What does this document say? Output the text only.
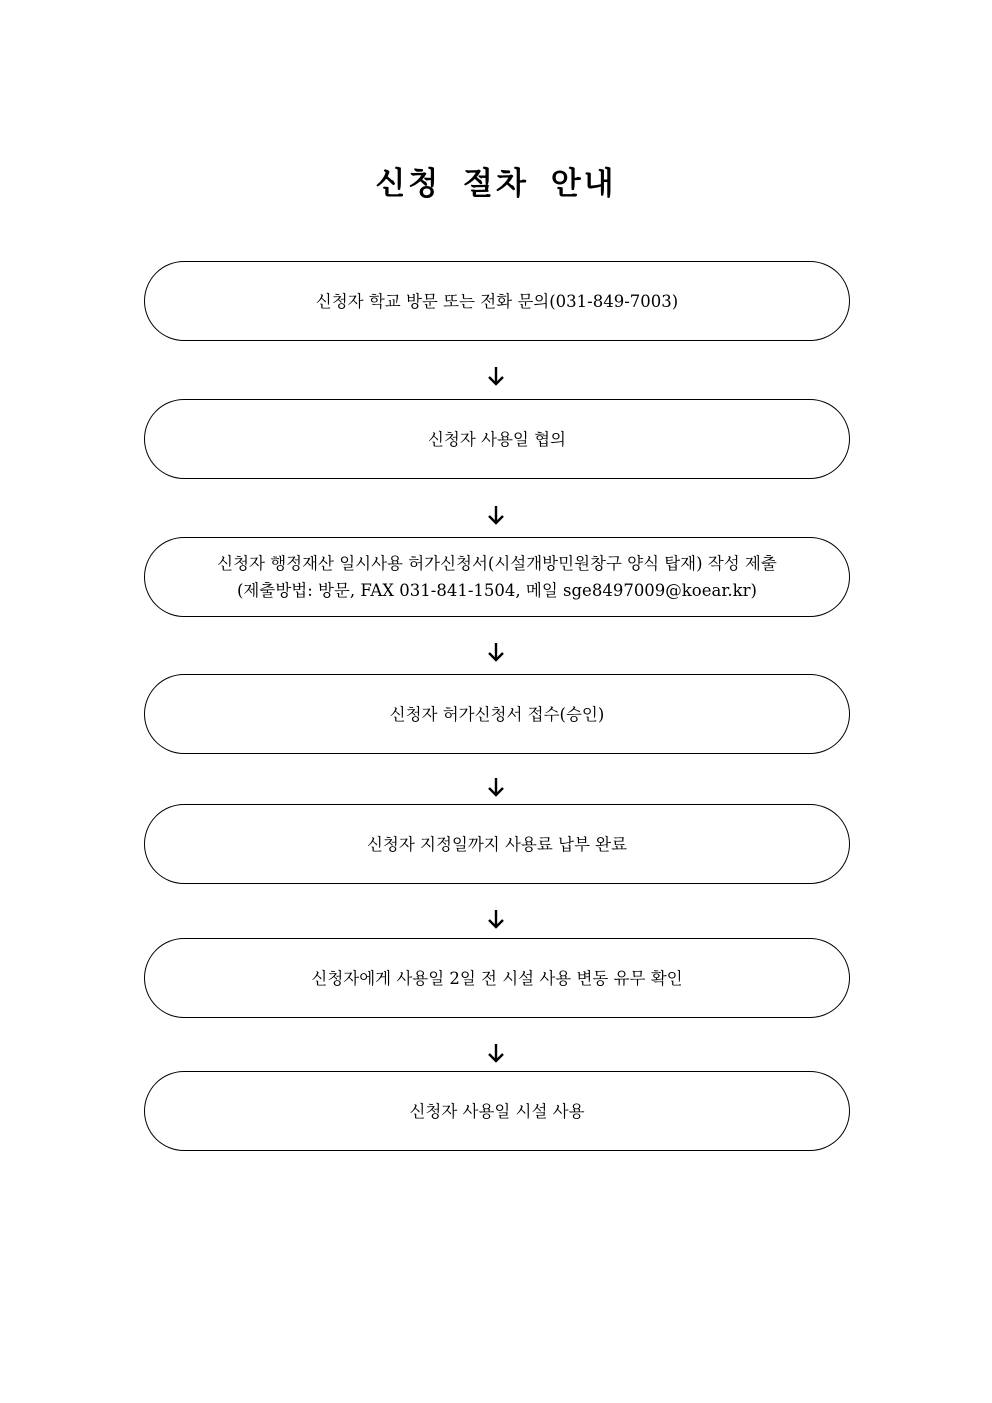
신청 절차 안내
신청자 학교 방문 또는 전화 문의(031-849-7003)
신청자 사용일 협의
신청자 행정재산 일시사용 허가신청서(시설개방민원창구 양식 탑재) 작성 제출
(제출방법: 방문, FAX 031-841-1504, 메일 sge8497009@koear.kr)
신청자 허가신청서 접수(승인)
신청자 지정일까지 사용료 납부 완료
신청자에게 사용일 2일 전 시설 사용 변동 유무 확인
신청자 사용일 시설 사용
